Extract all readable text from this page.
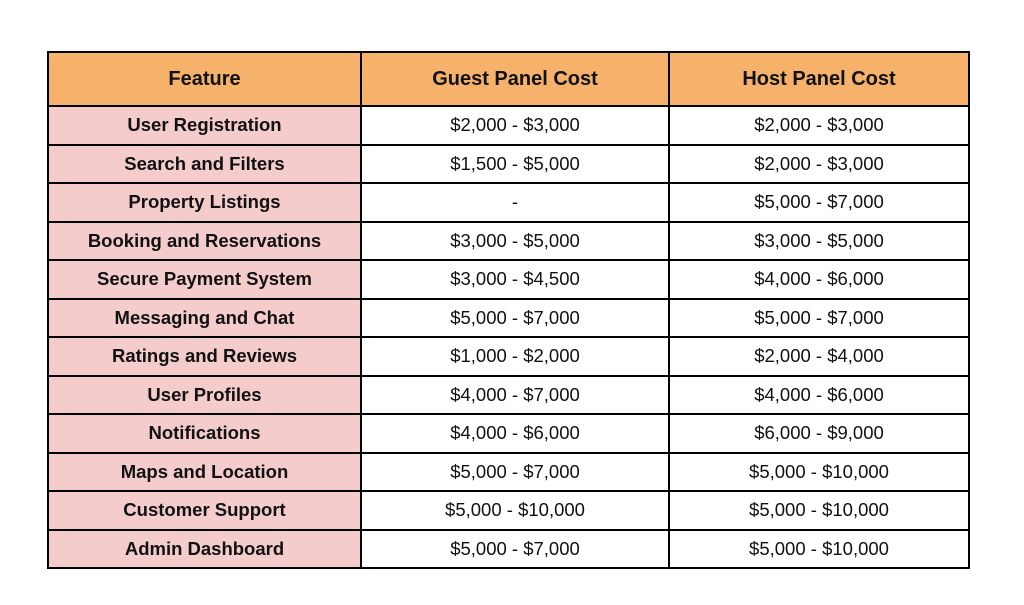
Feature	Guest Panel Cost	Host Panel Cost
User Registration	$2,000 - $3,000	$2,000 - $3,000
Search and Filters	$1,500 - $5,000	$2,000 - $3,000
Property Listings	-	$5,000 - $7,000
Booking and Reservations	$3,000 - $5,000	$3,000 - $5,000
Secure Payment System	$3,000 - $4,500	$4,000 - $6,000
Messaging and Chat	$5,000 - $7,000	$5,000 - $7,000
Ratings and Reviews	$1,000 - $2,000	$2,000 - $4,000
User Profiles	$4,000 - $7,000	$4,000 - $6,000
Notifications	$4,000 - $6,000	$6,000 - $9,000
Maps and Location	$5,000 - $7,000	$5,000 - $10,000
Customer Support	$5,000 - $10,000	$5,000 - $10,000
Admin Dashboard	$5,000 - $7,000	$5,000 - $10,000
